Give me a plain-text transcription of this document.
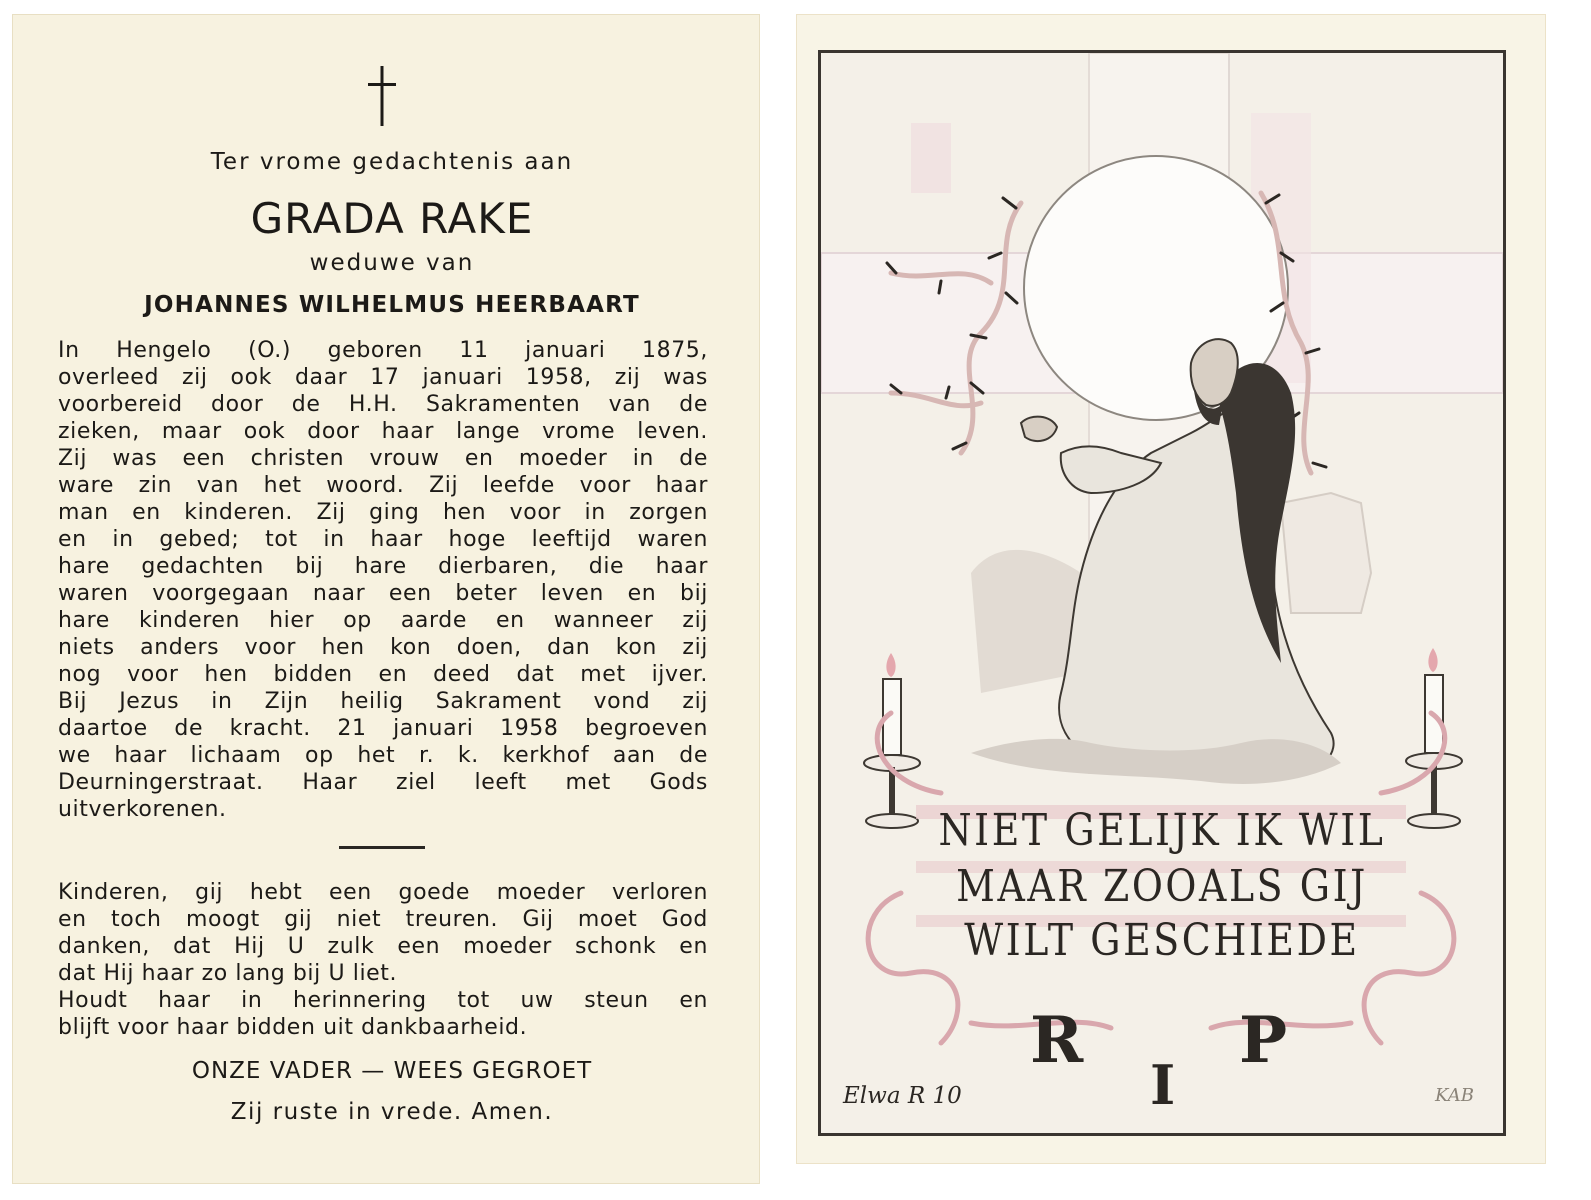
Ter vrome gedachtenis aan
GRADA RAKE
weduwe van
JOHANNES WILHELMUS HEERBAART
In Hengelo (O.) geboren 11 januari 1875,
overleed zij ook daar 17 januari 1958, zij was
voorbereid door de H.H. Sakramenten van de
zieken, maar ook door haar lange vrome leven.
Zij was een christen vrouw en moeder in de
ware zin van het woord. Zij leefde voor haar
man en kinderen. Zij ging hen voor in zorgen
en in gebed; tot in haar hoge leeftijd waren
hare gedachten bij hare dierbaren, die haar
waren voorgegaan naar een beter leven en bij
hare kinderen hier op aarde en wanneer zij
niets anders voor hen kon doen, dan kon zij
nog voor hen bidden en deed dat met ijver.
Bij Jezus in Zijn heilig Sakrament vond zij
daartoe de kracht. 21 januari 1958 begroeven
we haar lichaam op het r. k. kerkhof aan de
Deurningerstraat. Haar ziel leeft met Gods
uitverkorenen.
Kinderen, gij hebt een goede moeder verloren
en toch moogt gij niet treuren. Gij moet God
danken, dat Hij U zulk een moeder schonk en
dat Hij haar zo lang bij U liet.
Houdt haar in herinnering tot uw steun en
blijft voor haar bidden uit dankbaarheid.
ONZE VADER — WEES GEGROET
Zij ruste in vrede. Amen.
NIET GELIJK IK WIL
MAAR ZOOALS GIJ
WILT GESCHIEDE
R
I
P
Elwa R 10	KAB
